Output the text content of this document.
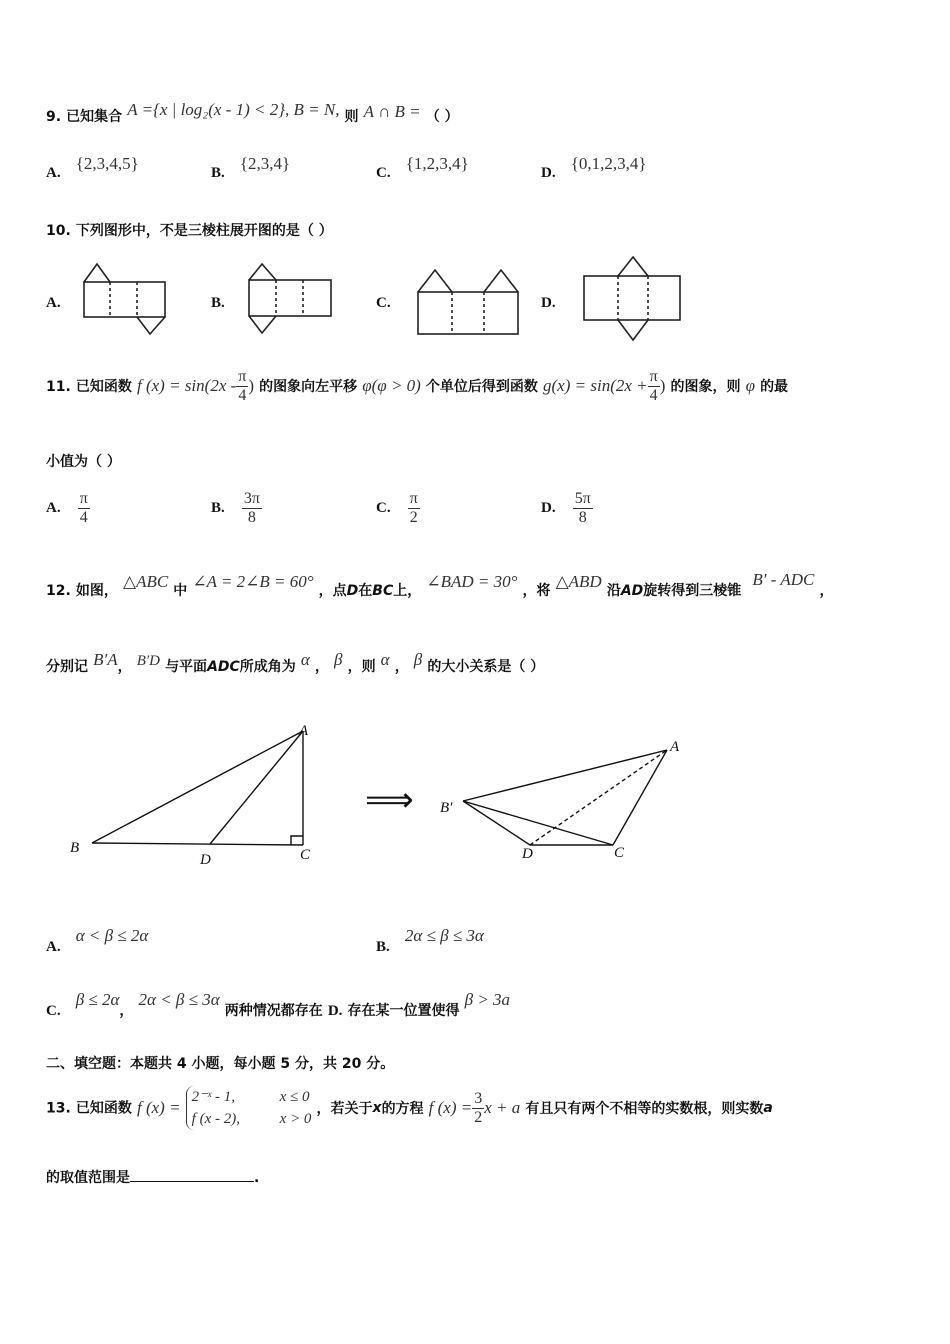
9. 已知集合 A ={x | log₂(x - 1) < 2}, B = N, 则 A ∩ B = （ ）
A. {2,3,4,5}	B. {2,3,4}	C. {1,2,3,4}	D. {0,1,2,3,4}
10. 下列图形中，不是三棱柱展开图的是（ ）
A.	B.	C.	D.
11. 已知函数 f $(x) = \sin(2x - \frac{\pi}{4}$ ) 的图象向左平移 φ(φ > 0) 个单位后得到函数 $g(x) = \sin(2x + \frac{\pi}{4}$ ) 的图象，则 φ 的最
小值为（ ）
A. $\frac{\pi}{4}$	B. $\frac{3\pi}{8}$	C. $\frac{\pi}{2}$	D. $\frac{5\pi}{8}$
12. 如图， △ABC 中 ∠A = 2∠B = 60° ，点D在BC上， ∠BAD = 30° ，将 △ABD 沿AD旋转得到三棱锥 B′ - ADC ，
分别记 B′A， B′D 与平面ADC所成角为 α ， β ，则 α ， β 的大小关系是（ ）
B
D	C
A
⟹ B′
D	C
A
A. α < β ≤ 2α
B. 2α ≤ β ≤ 3α
C. β ≤ 2α， 2α < β ≤ 3α 两种情况都存在 D. 存在某一位置使得 β > 3a
二、填空题：本题共 4 小题，每小题 5 分，共 20 分。
13. 已知函数 f (x) =
2⁻ˣ - 1,	x ≤ 0
f (x - 2),	x > 0
，若关于x的方程 f $(x) = \frac{3}{2}$ x + a 有且只有两个不相等的实数根，则实数a
的取值范围是	.
